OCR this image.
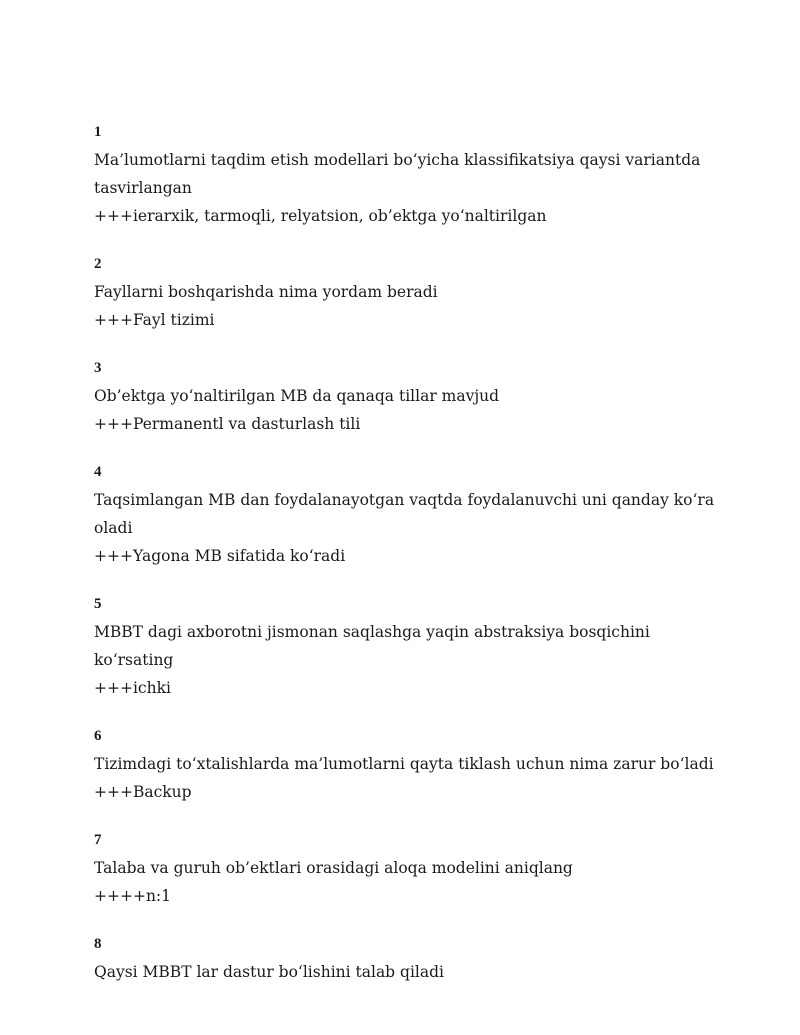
1

Ma’lumotlarni taqdim etish modellari bo‘yicha klassifikatsiya qaysi variantda tasvirlangan

+++ierarxik, tarmoqli, relyatsion, ob’ektga yo‘naltirilgan

2

Fayllarni boshqarishda nima yordam beradi

+++Fayl tizimi

3

Ob’ektga yo‘naltirilgan MB da qanaqa tillar mavjud

+++Permanentl va dasturlash tili

4

Taqsimlangan MB dan foydalanayotgan vaqtda foydalanuvchi uni qanday ko‘ra oladi

+++Yagona MB sifatida ko‘radi

5

MBBT dagi axborotni jismonan saqlashga yaqin abstraksiya bosqichini ko‘rsating

+++ichki

6

Tizimdagi to‘xtalishlarda ma’lumotlarni qayta tiklash uchun nima zarur bo‘ladi

+++Backup

7

Talaba va guruh ob’ektlari orasidagi aloqa modelini aniqlang

++++n:1

8

Qaysi MBBT lar dastur bo‘lishini talab qiladi
